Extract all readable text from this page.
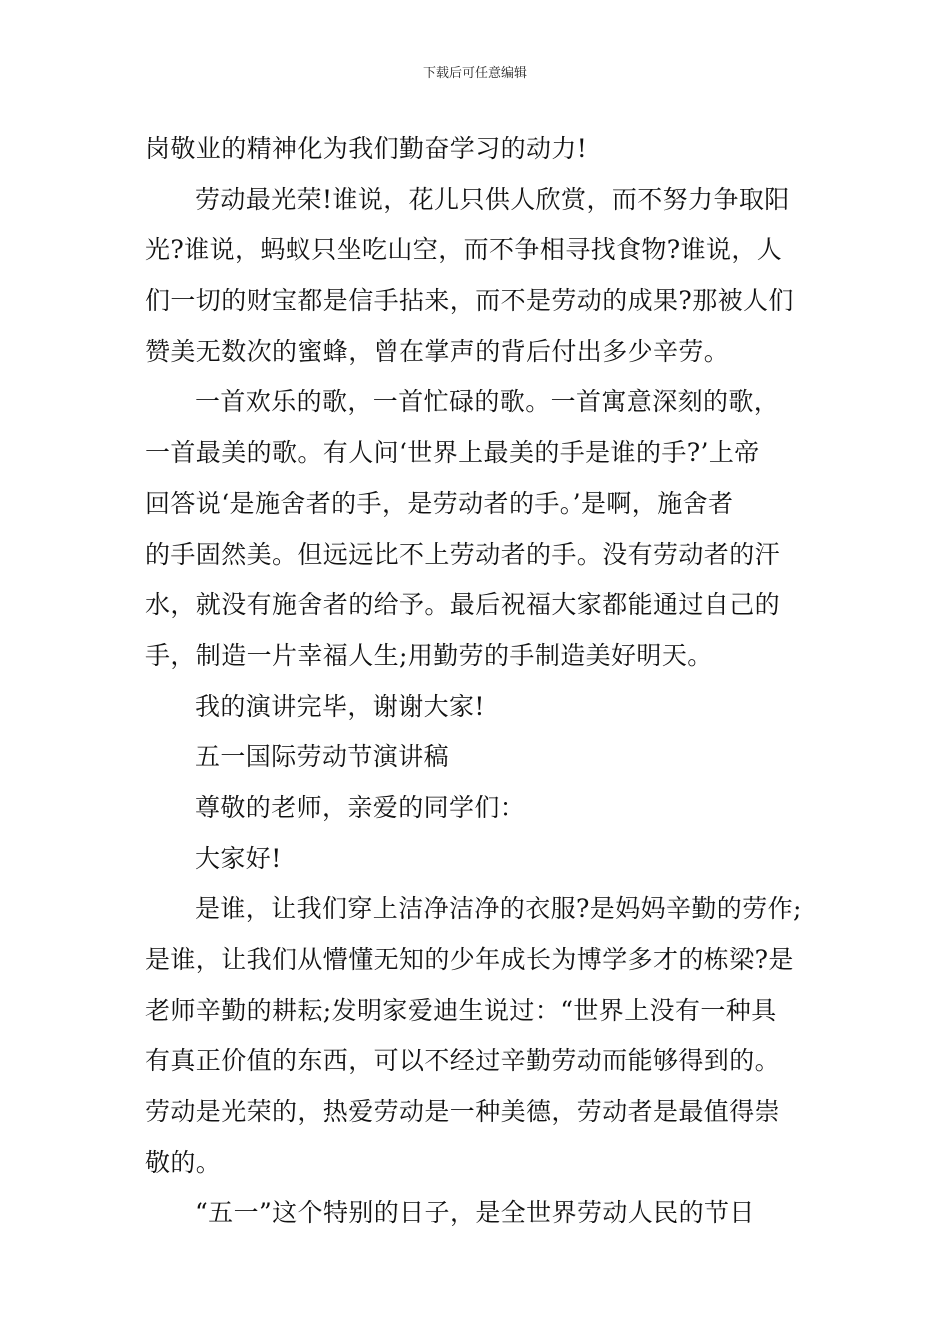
下载后可任意编辑
岗敬业的精神化为我们勤奋学习的动力!
劳动最光荣!谁说，花儿只供人欣赏，而不努力争取阳
光?谁说，蚂蚁只坐吃山空，而不争相寻找食物?谁说，人
们一切的财宝都是信手拈来，而不是劳动的成果?那被人们
赞美无数次的蜜蜂，曾在掌声的背后付出多少辛劳。
一首欢乐的歌，一首忙碌的歌。一首寓意深刻的歌，
一首最美的歌。有人问‘世界上最美的手是谁的手?’上帝
回答说‘是施舍者的手，是劳动者的手。’是啊，施舍者
的手固然美。但远远比不上劳动者的手。没有劳动者的汗
水，就没有施舍者的给予。最后祝福大家都能通过自己的
手，制造一片幸福人生;用勤劳的手制造美好明天。
我的演讲完毕，谢谢大家!
五一国际劳动节演讲稿
尊敬的老师，亲爱的同学们：
大家好!
是谁，让我们穿上洁净洁净的衣服?是妈妈辛勤的劳作;
是谁，让我们从懵懂无知的少年成长为博学多才的栋梁?是
老师辛勤的耕耘;发明家爱迪生说过：“世界上没有一种具
有真正价值的东西，可以不经过辛勤劳动而能够得到的。
劳动是光荣的，热爱劳动是一种美德，劳动者是最值得崇
敬的。
“五一”这个特别的日子，是全世界劳动人民的节日
